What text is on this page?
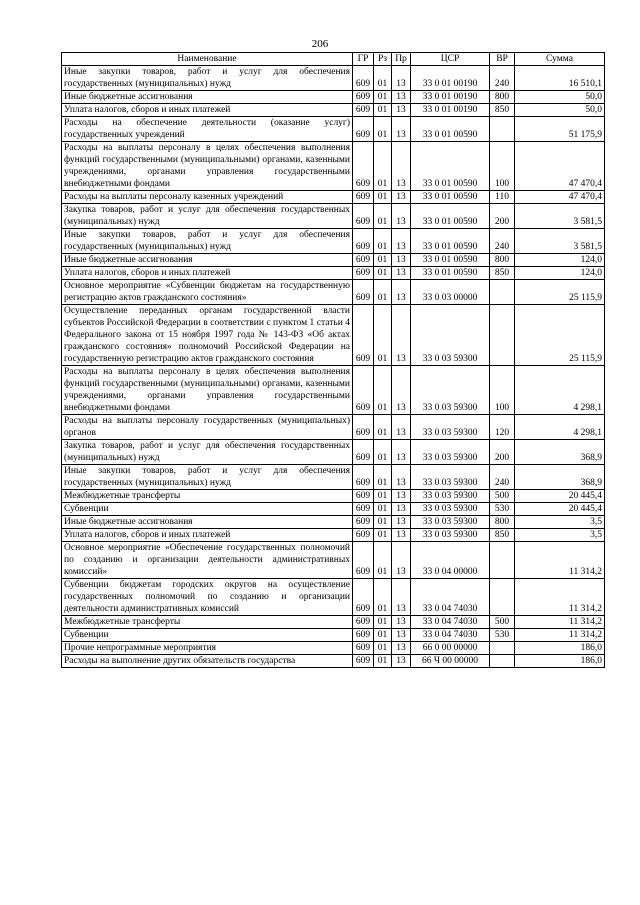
206
Наименование	ГР	Рз	Пр	ЦСР	ВР	Сумма
Иные закупки товаров, работ и услуг для обеспечения государственных (муниципальных) нужд	609	01	13	33 0 01 00190	240	16 510,1
Иные бюджетные ассигнования	609	01	13	33 0 01 00190	800	50,0
Уплата налогов, сборов и иных платежей	609	01	13	33 0 01 00190	850	50,0
Расходы на обеспечение деятельности (оказание услуг) государственных учреждений	609	01	13	33 0 01 00590		51 175,9
Расходы на выплаты персоналу в целях обеспечения выполнения функций государственными (муниципальными) органами, казенными учреждениями, органами управления государственными внебюджетными фондами	609	01	13	33 0 01 00590	100	47 470,4
Расходы на выплаты персоналу казенных учреждений	609	01	13	33 0 01 00590	110	47 470,4
Закупка товаров, работ и услуг для обеспечения государственных (муниципальных) нужд	609	01	13	33 0 01 00590	200	3 581,5
Иные закупки товаров, работ и услуг для обеспечения государственных (муниципальных) нужд	609	01	13	33 0 01 00590	240	3 581,5
Иные бюджетные ассигнования	609	01	13	33 0 01 00590	800	124,0
Уплата налогов, сборов и иных платежей	609	01	13	33 0 01 00590	850	124,0
Основное мероприятие «Субвенции бюджетам на государственную регистрацию актов гражданского состояния»	609	01	13	33 0 03 00000		25 115,9
Осуществление переданных органам государственной власти субъектов Российской Федерации в соответствии с пунктом 1 статьи 4 Федерального закона от 15 ноября 1997 года № 143-ФЗ «Об актах гражданского состояния» полномочий Российской Федерации на государственную регистрацию актов гражданского состояния	609	01	13	33 0 03 59300		25 115,9
Расходы на выплаты персоналу в целях обеспечения выполнения функций государственными (муниципальными) органами, казенными учреждениями, органами управления государственными внебюджетными фондами	609	01	13	33 0 03 59300	100	4 298,1
Расходы на выплаты персоналу государственных (муниципальных) органов	609	01	13	33 0 03 59300	120	4 298,1
Закупка товаров, работ и услуг для обеспечения государственных (муниципальных) нужд	609	01	13	33 0 03 59300	200	368,9
Иные закупки товаров, работ и услуг для обеспечения государственных (муниципальных) нужд	609	01	13	33 0 03 59300	240	368,9
Межбюджетные трансферты	609	01	13	33 0 03 59300	500	20 445,4
Субвенции	609	01	13	33 0 03 59300	530	20 445,4
Иные бюджетные ассигнования	609	01	13	33 0 03 59300	800	3,5
Уплата налогов, сборов и иных платежей	609	01	13	33 0 03 59300	850	3,5
Основное мероприятие «Обеспечение государственных полномочий по созданию и организации деятельности административных комиссий»	609	01	13	33 0 04 00000		11 314,2
Субвенции бюджетам городских округов на осуществление государственных полномочий по созданию и организации деятельности административных комиссий	609	01	13	33 0 04 74030		11 314,2
Межбюджетные трансферты	609	01	13	33 0 04 74030	500	11 314,2
Субвенции	609	01	13	33 0 04 74030	530	11 314,2
Прочие непрограммные мероприятия	609	01	13	66 0 00 00000		186,0
Расходы на выполнение других обязательств государства	609	01	13	66 Ч 00 00000		186,0
